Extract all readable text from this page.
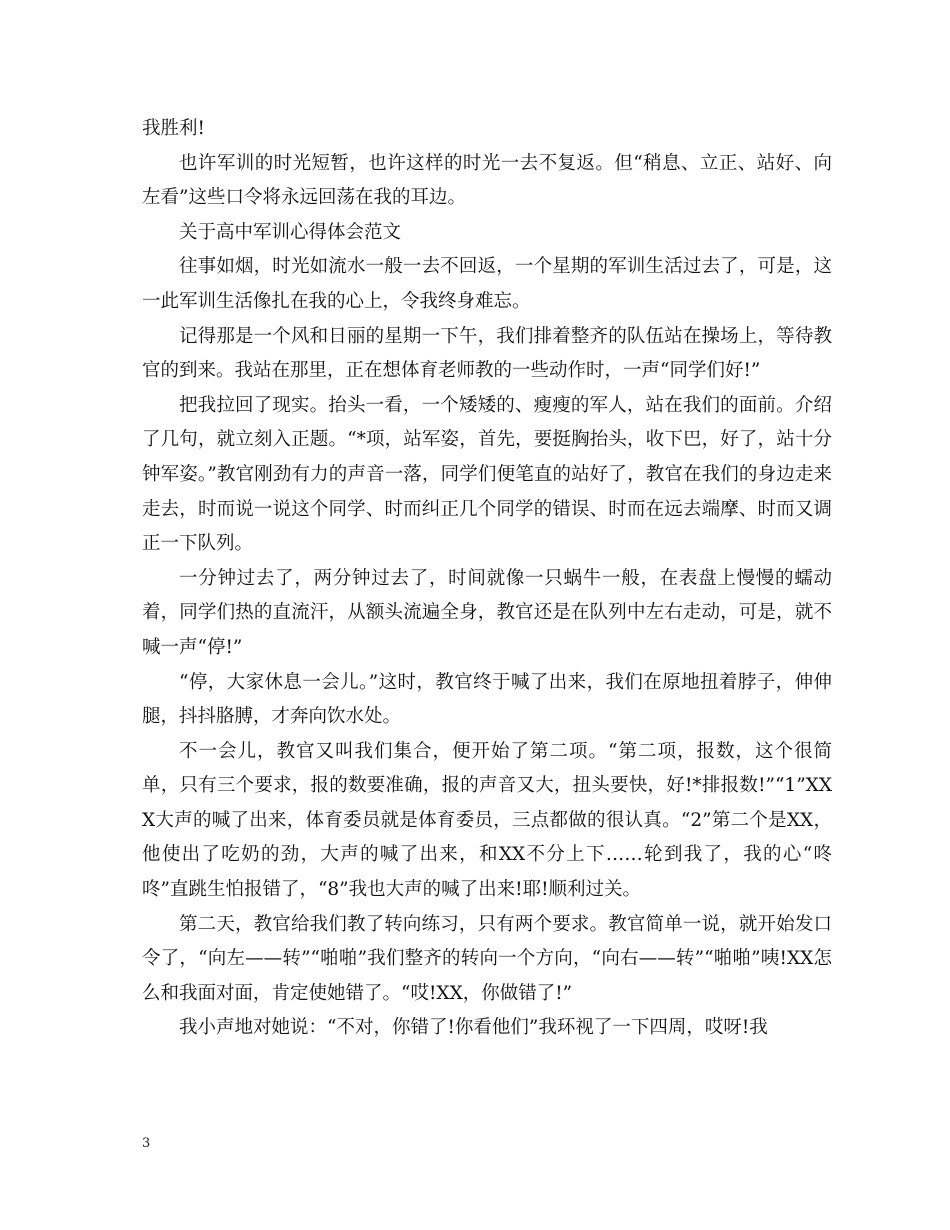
我胜利!

也许军训的时光短暂，也许这样的时光一去不复返。但“稍息、立正、站好、向左看”这些口令将永远回荡在我的耳边。

关于高中军训心得体会范文

往事如烟，时光如流水一般一去不回返，一个星期的军训生活过去了，可是，这一此军训生活像扎在我的心上，令我终身难忘。

记得那是一个风和日丽的星期一下午，我们排着整齐的队伍站在操场上，等待教官的到来。我站在那里，正在想体育老师教的一些动作时，一声“同学们好!”

把我拉回了现实。抬头一看，一个矮矮的、瘦瘦的军人，站在我们的面前。介绍了几句，就立刻入正题。“*项，站军姿，首先，要挺胸抬头，收下巴，好了，站十分钟军姿。”教官刚劲有力的声音一落，同学们便笔直的站好了，教官在我们的身边走来走去，时而说一说这个同学、时而纠正几个同学的错误、时而在远去端摩、时而又调正一下队列。

一分钟过去了，两分钟过去了，时间就像一只蜗牛一般，在表盘上慢慢的蠕动着，同学们热的直流汗，从额头流遍全身，教官还是在队列中左右走动，可是，就不喊一声“停!”

“停，大家休息一会儿。”这时，教官终于喊了出来，我们在原地扭着脖子，伸伸腿，抖抖胳膊，才奔向饮水处。

不一会儿，教官又叫我们集合，便开始了第二项。“第二项，报数，这个很简单，只有三个要求，报的数要准确，报的声音又大，扭头要快，好!*排报数!”“1”XXX大声的喊了出来，体育委员就是体育委员，三点都做的很认真。“2”第二个是XX，他使出了吃奶的劲，大声的喊了出来，和XX不分上下……轮到我了，我的心“咚咚”直跳生怕报错了，“8”我也大声的喊了出来!耶!顺利过关。

第二天，教官给我们教了转向练习，只有两个要求。教官简单一说，就开始发口令了，“向左——转”“啪啪”我们整齐的转向一个方向，“向右——转”“啪啪”咦!XX怎么和我面对面，肯定使她错了。“哎!XX，你做错了!”

我小声地对她说：“不对，你错了!你看他们”我环视了一下四周，哎呀!我

3
